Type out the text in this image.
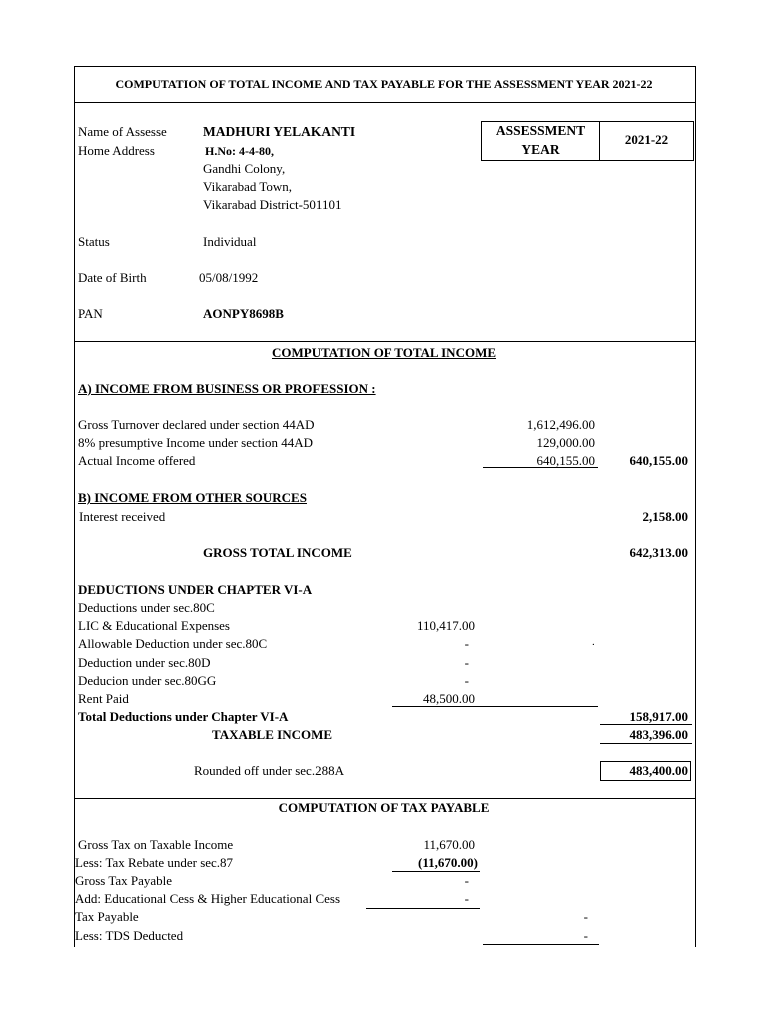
COMPUTATION OF TOTAL INCOME AND TAX PAYABLE FOR THE ASSESSMENT YEAR 2021-22
Name of Assesse	MADHURI YELAKANTI
Home Address	H.No: 4-4-80,
Gandhi Colony,
Vikarabad Town,
Vikarabad District-501101
ASSESSMENT
YEAR
2021-22
Status	Individual
Date of Birth	05/08/1992
PAN	AONPY8698B
COMPUTATION OF TOTAL INCOME
A) INCOME FROM BUSINESS OR PROFESSION :
Gross Turnover declared under section 44AD	1,612,496.00
8% presumptive Income under section 44AD	129,000.00
Actual Income offered	640,155.00	640,155.00
B) INCOME FROM OTHER SOURCES
Interest received	2,158.00
GROSS TOTAL INCOME	642,313.00
DEDUCTIONS UNDER CHAPTER VI-A
Deductions under sec.80C
LIC & Educational Expenses	110,417.00
Allowable Deduction under sec.80C	-	.
Deduction under sec.80D	-
Deducion under sec.80GG	-
Rent Paid	48,500.00
Total Deductions under Chapter VI-A	158,917.00
TAXABLE INCOME	483,396.00
Rounded off under sec.288A	483,400.00
COMPUTATION OF TAX PAYABLE
Gross Tax on Taxable Income	11,670.00
Less: Tax Rebate under sec.87	(11,670.00)
Gross Tax Payable	-
Add: Educational Cess & Higher Educational Cess	-
Tax Payable	-
Less: TDS Deducted	-
